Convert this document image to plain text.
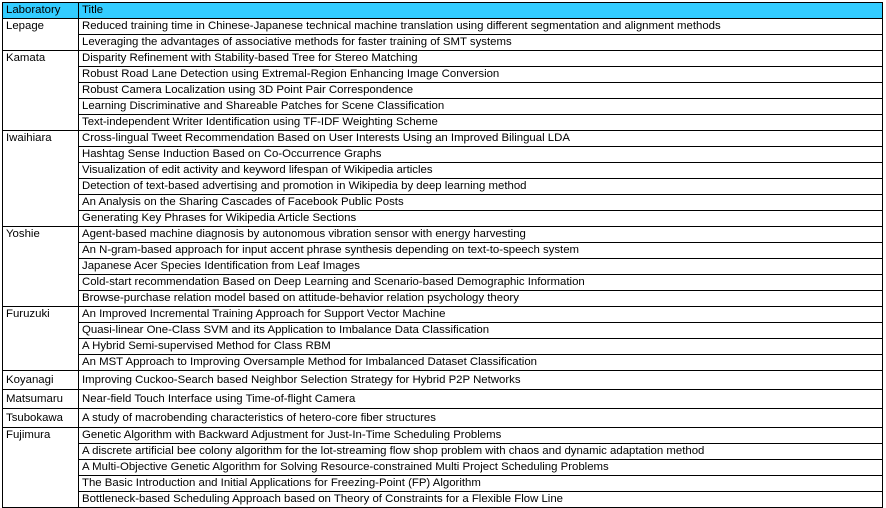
Laboratory	Title
Lepage	Reduced training time in Chinese-Japanese technical machine translation using different segmentation and alignment methods
	Leveraging the advantages of associative methods for faster training of SMT systems
Kamata	Disparity Refinement with Stability-based Tree for Stereo Matching
	Robust Road Lane Detection using Extremal-Region Enhancing Image Conversion
	Robust Camera Localization using 3D Point Pair Correspondence
	Learning Discriminative and Shareable Patches for Scene Classification
	Text-independent Writer Identification using TF-IDF Weighting Scheme
Iwaihiara	Cross-lingual Tweet Recommendation Based on User Interests Using an Improved Bilingual LDA
	Hashtag Sense Induction Based on Co-Occurrence Graphs
	Visualization of edit activity and keyword lifespan of Wikipedia articles
	Detection of text-based advertising and promotion in Wikipedia by deep learning method
	An Analysis on the Sharing Cascades of Facebook Public Posts
	Generating Key Phrases for Wikipedia Article Sections
Yoshie	Agent-based machine diagnosis by autonomous vibration sensor with energy harvesting
	An N-gram-based approach for input accent phrase synthesis depending on text-to-speech system
	Japanese Acer Species Identification from Leaf Images
	Cold-start recommendation Based on Deep Learning and Scenario-based Demographic Information
	Browse-purchase relation model based on attitude-behavior relation psychology theory
Furuzuki	An Improved Incremental Training Approach for Support Vector Machine
	Quasi-linear One-Class SVM and its Application to Imbalance Data Classification
	A Hybrid Semi-supervised Method for Class RBM
	An MST Approach to Improving Oversample Method for Imbalanced Dataset Classification
Koyanagi	Improving Cuckoo-Search based Neighbor Selection Strategy for Hybrid P2P Networks
Matsumaru	Near-field Touch Interface using Time-of-flight Camera
Tsubokawa	A study of macrobending characteristics of hetero-core fiber structures
Fujimura	Genetic Algorithm with Backward Adjustment for Just-In-Time Scheduling Problems
	A discrete artificial bee colony algorithm for the lot-streaming flow shop problem with chaos and dynamic adaptation method
	A Multi-Objective Genetic Algorithm for Solving Resource-constrained Multi Project Scheduling Problems
	The Basic Introduction and Initial Applications for Freezing-Point (FP) Algorithm
	Bottleneck-based Scheduling Approach based on Theory of Constraints for a Flexible Flow Line
